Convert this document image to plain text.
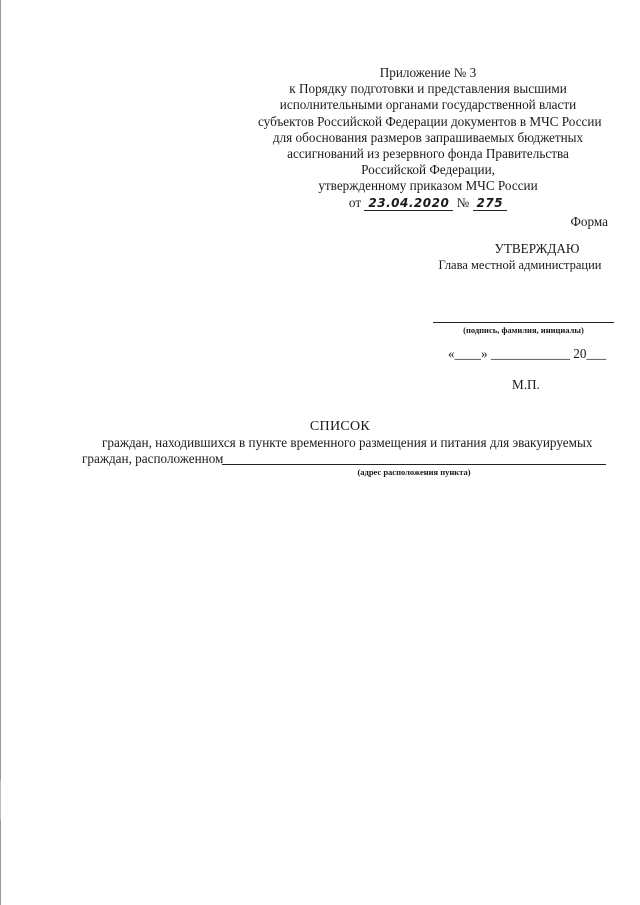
Приложение № 3
к Порядку подготовки и представления высшими
исполнительными органами государственной власти
субъектов Российской Федерации документов в МЧС России
для обоснования размеров запрашиваемых бюджетных
ассигнований из резервного фонда Правительства
Российской Федерации,
утвержденному приказом МЧС России
от 23.04.2020 № 275
Форма
УТВЕРЖДАЮ
Глава местной администрации
(подпись, фамилия, инициалы)
«____» ____________ 20___
М.П.
СПИСОК
граждан, находившихся в пункте временного размещения и питания для эвакуируемых
граждан, расположенном
(адрес расположения пункта)
